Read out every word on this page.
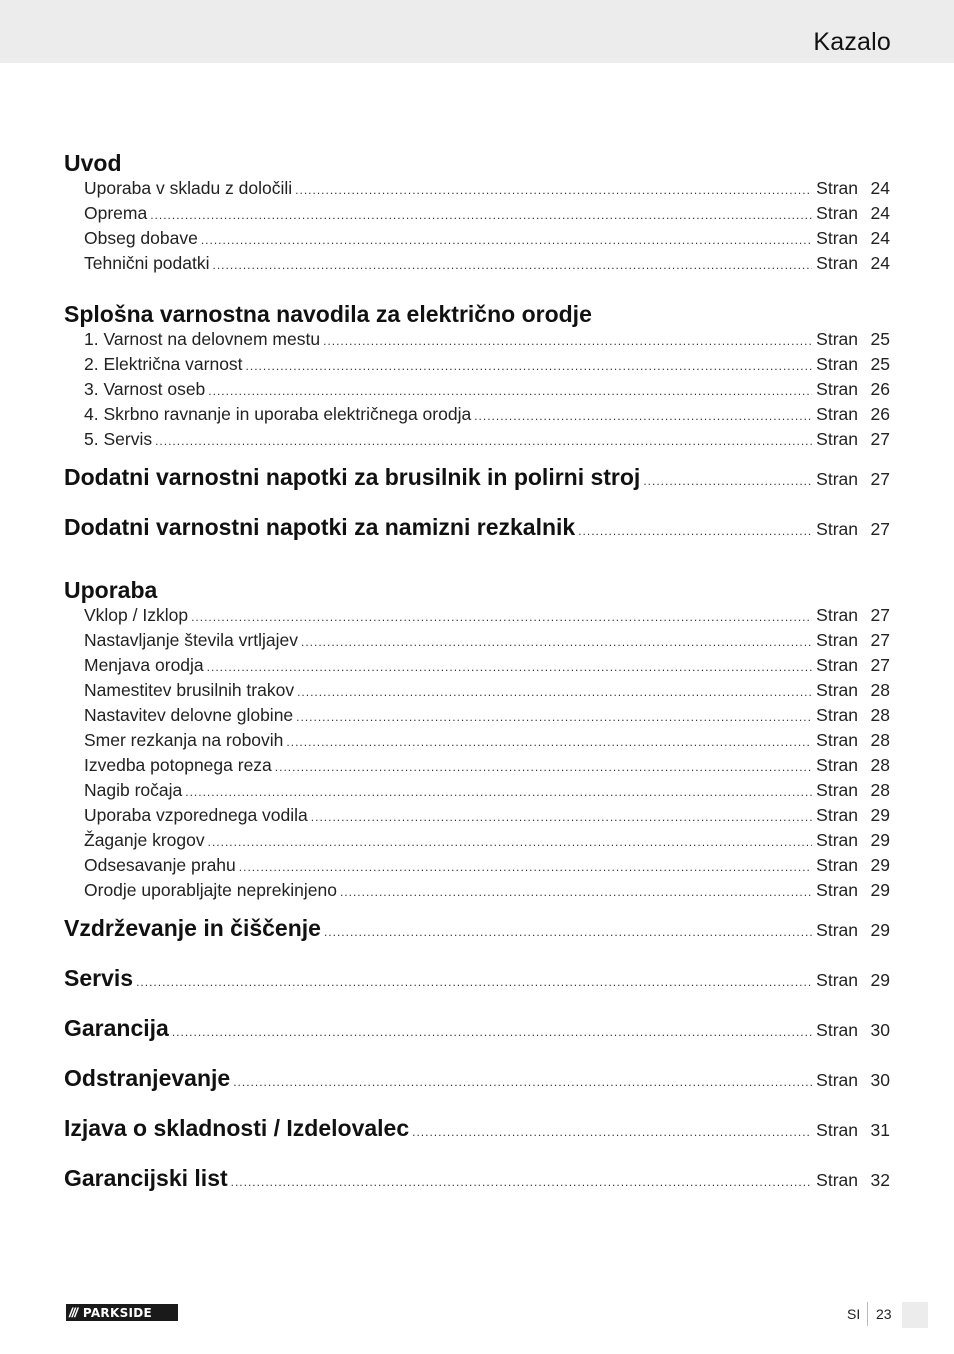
Kazalo
Uvod
Uporaba v skladu z določili .....	Stran 24
Oprema .....	Stran 24
Obseg dobave .....	Stran 24
Tehnični podatki .....	Stran 24
Splošna varnostna navodila za električno orodje
1. Varnost na delovnem mestu .....	Stran 25
2. Električna varnost .....	Stran 25
3. Varnost oseb .....	Stran 26
4. Skrbno ravnanje in uporaba električnega orodja .....	Stran 26
5. Servis .....	Stran 27
Dodatni varnostni napotki za brusilnik in polirni stroj .....	Stran 27
Dodatni varnostni napotki za namizni rezkalnik .....	Stran 27
Uporaba
Vklop / Izklop .....	Stran 27
Nastavljanje števila vrtljajev .....	Stran 27
Menjava orodja .....	Stran 27
Namestitev brusilnih trakov .....	Stran 28
Nastavitev delovne globine .....	Stran 28
Smer rezkanja na robovih .....	Stran 28
Izvedba potopnega reza .....	Stran 28
Nagib ročaja .....	Stran 28
Uporaba vzporednega vodila .....	Stran 29
Žaganje krogov .....	Stran 29
Odsesavanje prahu .....	Stran 29
Orodje uporabljajte neprekinjeno .....	Stran 29
Vzdrževanje in čiščenje .....	Stran 29
Servis .....	Stran 29
Garancija .....	Stran 30
Odstranjevanje .....	Stran 30
Izjava o skladnosti / Izdelovalec .....	Stran 31
Garancijski list .....	Stran 32
/// PARKSIDE	SI 23
